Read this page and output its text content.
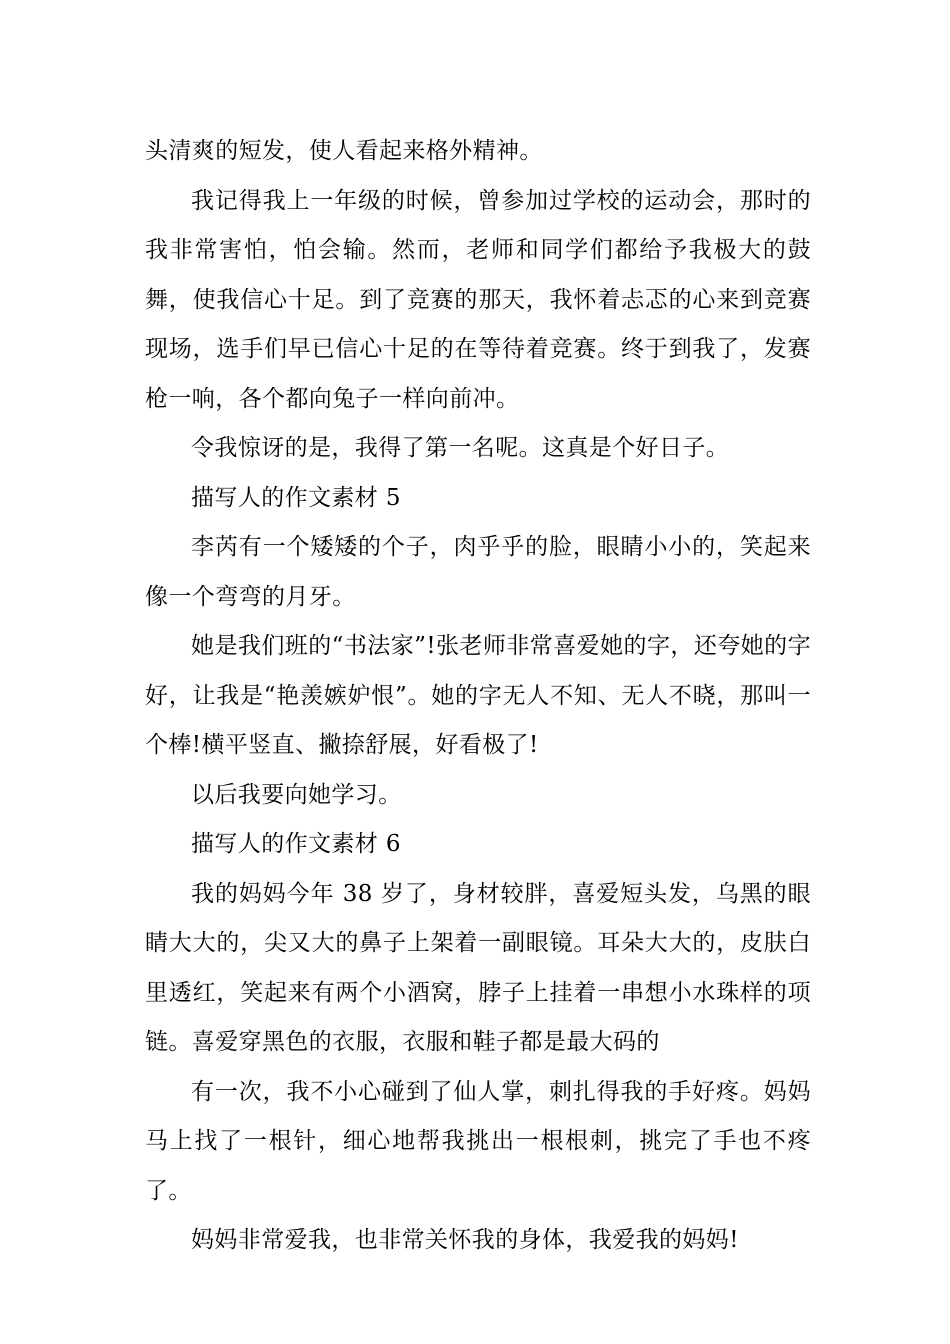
头清爽的短发，使人看起来格外精神。

我记得我上一年级的时候，曾参加过学校的运动会，那时的我非常害怕，怕会输。然而，老师和同学们都给予我极大的鼓舞，使我信心十足。到了竞赛的那天，我怀着忐忑的心来到竞赛现场，选手们早已信心十足的在等待着竞赛。终于到我了，发赛枪一响，各个都向兔子一样向前冲。

令我惊讶的是，我得了第一名呢。这真是个好日子。

描写人的作文素材 5

李芮有一个矮矮的个子，肉乎乎的脸，眼睛小小的，笑起来像一个弯弯的月牙。

她是我们班的“书法家”!张老师非常喜爱她的字，还夸她的字好，让我是“艳羡嫉妒恨”。她的字无人不知、无人不晓，那叫一个棒!横平竖直、撇捺舒展，好看极了!

以后我要向她学习。

描写人的作文素材 6

我的妈妈今年 38 岁了，身材较胖，喜爱短头发，乌黑的眼睛大大的，尖又大的鼻子上架着一副眼镜。耳朵大大的，皮肤白里透红，笑起来有两个小酒窝，脖子上挂着一串想小水珠样的项链。喜爱穿黑色的衣服，衣服和鞋子都是最大码的

有一次，我不小心碰到了仙人掌，刺扎得我的手好疼。妈妈马上找了一根针，细心地帮我挑出一根根刺，挑完了手也不疼了。

妈妈非常爱我，也非常关怀我的身体，我爱我的妈妈!
